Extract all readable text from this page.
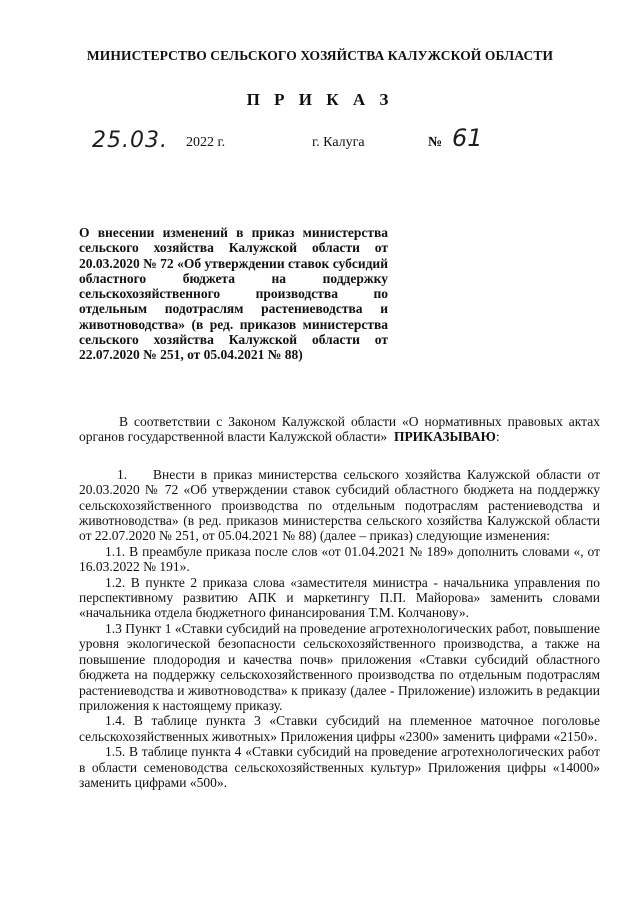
МИНИСТЕРСТВО СЕЛЬСКОГО ХОЗЯЙСТВА КАЛУЖСКОЙ ОБЛАСТИ
П Р И К А З
25.03. 2022 г.	г. Калуга	№ 61
О внесении изменений в приказ министерства сельского хозяйства Калужской области от 20.03.2020 № 72 «Об утверждении ставок субсидий областного бюджета на поддержку сельскохозяйственного производства по отдельным подотраслям растениеводства и животноводства» (в ред. приказов министерства сельского хозяйства Калужской области от 22.07.2020 № 251, от 05.04.2021 № 88)

В соответствии с Законом Калужской области «О нормативных правовых актах органов государственной власти Калужской области» ПРИКАЗЫВАЮ:

1. Внести в приказ министерства сельского хозяйства Калужской области от 20.03.2020 № 72 «Об утверждении ставок субсидий областного бюджета на поддержку сельскохозяйственного производства по отдельным подотраслям растениеводства и животноводства» (в ред. приказов министерства сельского хозяйства Калужской области от 22.07.2020 № 251, от 05.04.2021 № 88) (далее – приказ) следующие изменения:

1.1. В преамбуле приказа после слов «от 01.04.2021 № 189» дополнить словами «, от 16.03.2022 № 191».

1.2. В пункте 2 приказа слова «заместителя министра - начальника управления по перспективному развитию АПК и маркетингу П.П. Майорова» заменить словами «начальника отдела бюджетного финансирования Т.М. Колчанову».

1.3 Пункт 1 «Ставки субсидий на проведение агротехнологических работ, повышение уровня экологической безопасности сельскохозяйственного производства, а также на повышение плодородия и качества почв» приложения «Ставки субсидий областного бюджета на поддержку сельскохозяйственного производства по отдельным подотраслям растениеводства и животноводства» к приказу (далее - Приложение) изложить в редакции приложения к настоящему приказу.

1.4. В таблице пункта 3 «Ставки субсидий на племенное маточное поголовье сельскохозяйственных животных» Приложения цифры «2300» заменить цифрами «2150».

1.5. В таблице пункта 4 «Ставки субсидий на проведение агротехнологических работ в области семеноводства сельскохозяйственных культур» Приложения цифры «14000» заменить цифрами «500».
